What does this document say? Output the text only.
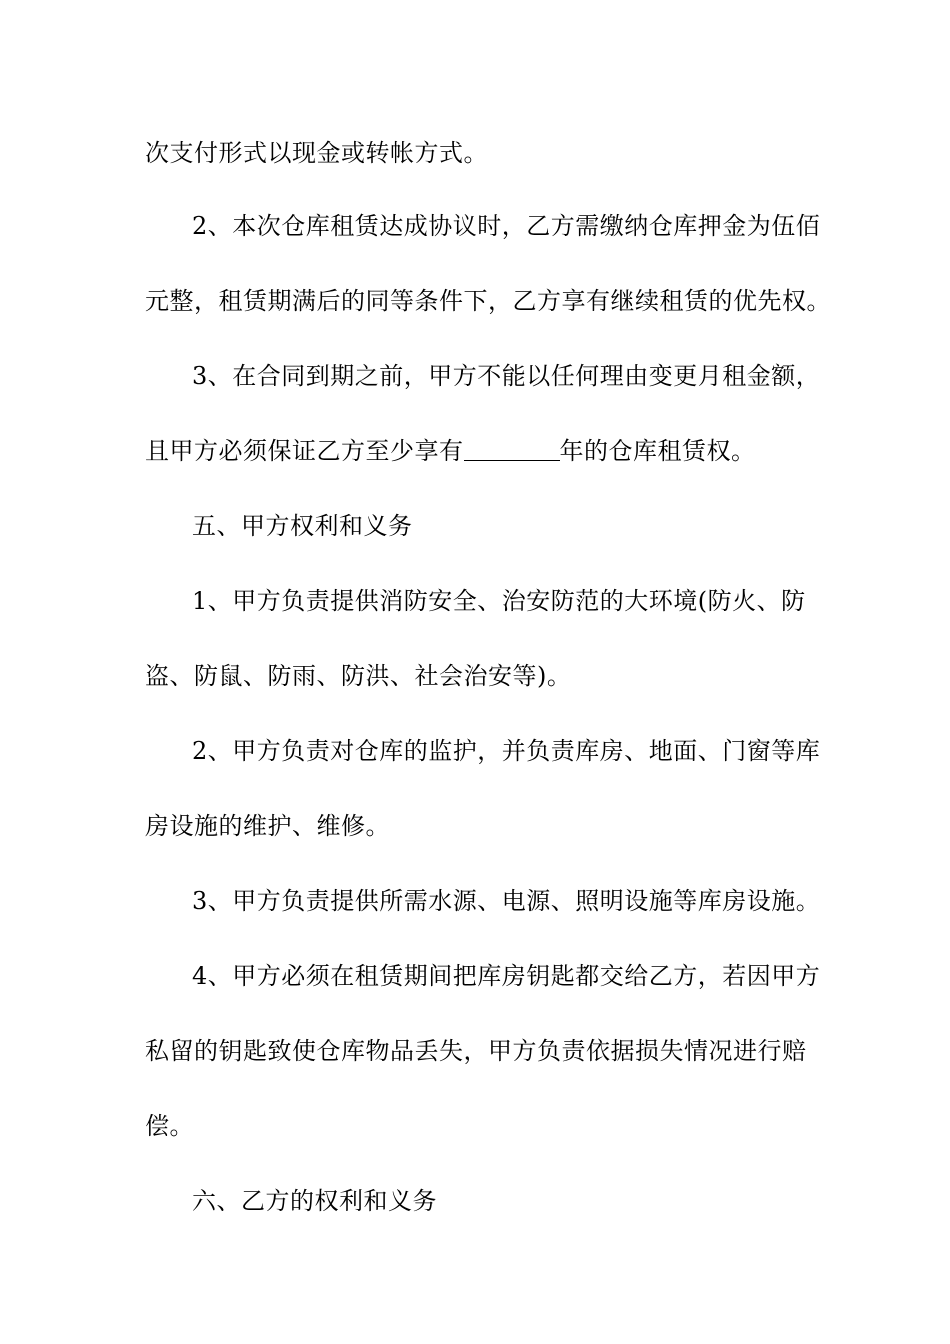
次支付形式以现金或转帐方式。
2、本次仓库租赁达成协议时，乙方需缴纳仓库押金为伍佰
元整，租赁期满后的同等条件下，乙方享有继续租赁的优先权。
3、在合同到期之前，甲方不能以任何理由变更月租金额，
且甲方必须保证乙方至少享有	年的仓库租赁权。
五、甲方权利和义务
1、甲方负责提供消防安全、治安防范的大环境(防火、防
盗、防鼠、防雨、防洪、社会治安等)。
2、甲方负责对仓库的监护，并负责库房、地面、门窗等库
房设施的维护、维修。
3、甲方负责提供所需水源、电源、照明设施等库房设施。
4、甲方必须在租赁期间把库房钥匙都交给乙方，若因甲方
私留的钥匙致使仓库物品丢失，甲方负责依据损失情况进行赔
偿。
六、乙方的权利和义务
